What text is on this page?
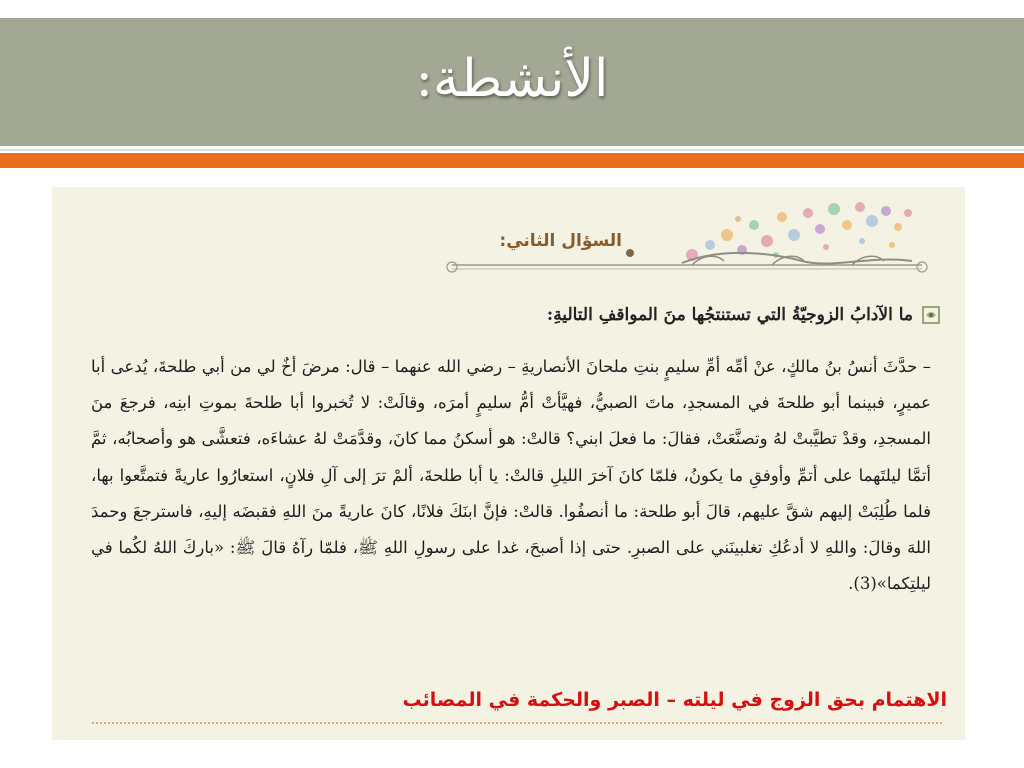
الأنشطة:
السؤال الثاني:
ما الآدابُ الزوجيّةُ التي تستنتجُها منَ المواقفِ التاليةِ:
– حدَّثَ أنسُ بنُ مالكٍ، عنْ أمِّه أمِّ سليمٍ بنتِ ملحانَ الأنصاريةِ – رضي الله عنهما – قال: مرضَ أخٌ لي من أبي طلحةَ، يُدعى أبا عميرٍ، فبينما أبو طلحةَ في المسجدِ، ماتَ الصبيُّ، فهيَّأتْ أمُّ سليمٍ أمرَه، وقالَتْ: لا تُخبروا أبا طلحةَ بموتِ ابنِه، فرجعَ منَ المسجدِ، وقدْ تطيَّبتْ لهُ وتصنَّعَتْ، فقالَ: ما فعلَ ابني؟ قالتْ: هو أسكنُ مما كانَ، وقدَّمَتْ لهُ عشاءَه، فتعشَّى هو وأصحابُه، ثمَّ أتمَّا ليلتَهما على أتمِّ وأوفقِ ما يكونُ، فلمّا كانَ آخرَ الليلِ قالتْ: يا أبا طلحةَ، ألمْ ترَ إلى آلِ فلانٍ، استعارُوا عاريةً فتمتَّعوا بها، فلما طُلِبَتْ إليهم شقَّ عليهم، قالَ أبو طلحة: ما أنصفُوا. قالتْ: فإنَّ ابنَكَ فلانًا، كانَ عاريةً منَ اللهِ فقبضَه إليهِ، فاسترجعَ وحمدَ اللهَ وقالَ: واللهِ لا أدعُكِ تغلبينَني على الصبرِ. حتى إذا أصبحَ، غدا على رسولِ اللهِ ﷺ، فلمّا رآهُ قالَ ﷺ: «باركَ اللهُ لكُما في ليلتِكما»(3).
الاهتمام بحق الزوج في ليلته – الصبر والحكمة في المصائب
